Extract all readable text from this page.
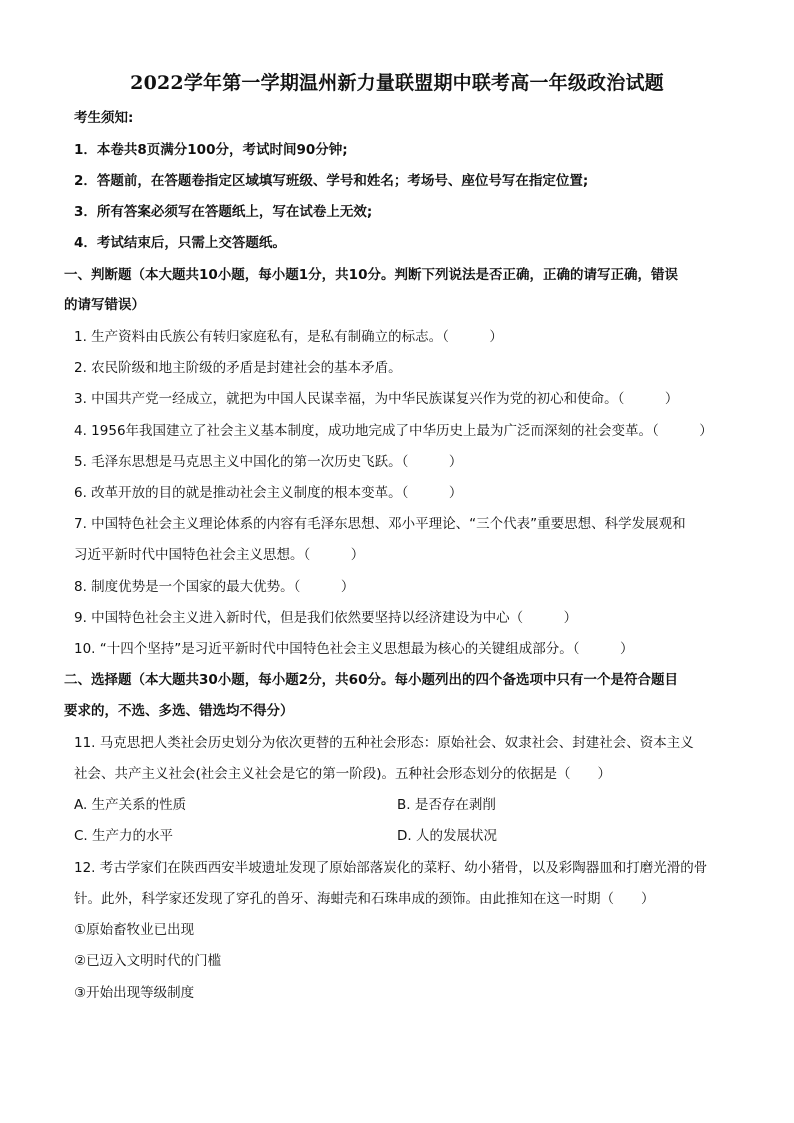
2022学年第一学期温州新力量联盟期中联考高一年级政治试题
考生须知:
1．本卷共8页满分100分，考试时间90分钟;
2．答题前，在答题卷指定区域填写班级、学号和姓名；考场号、座位号写在指定位置;
3．所有答案必须写在答题纸上，写在试卷上无效;
4．考试结束后，只需上交答题纸。
一、判断题（本大题共10小题，每小题1分，共10分。判断下列说法是否正确，正确的请写正确，错误
的请写错误）
1. 生产资料由氏族公有转归家庭私有，是私有制确立的标志。（　　　）
2. 农民阶级和地主阶级的矛盾是封建社会的基本矛盾。
3. 中国共产党一经成立，就把为中国人民谋幸福，为中华民族谋复兴作为党的初心和使命。（　　　）
4. 1956年我国建立了社会主义基本制度，成功地完成了中华历史上最为广泛而深刻的社会变革。（　　　）
5. 毛泽东思想是马克思主义中国化的第一次历史飞跃。（　　　）
6. 改革开放的目的就是推动社会主义制度的根本变革。（　　　）
7. 中国特色社会主义理论体系的内容有毛泽东思想、邓小平理论、“三个代表”重要思想、科学发展观和
习近平新时代中国特色社会主义思想。（　　　）
8. 制度优势是一个国家的最大优势。（　　　）
9. 中国特色社会主义进入新时代，但是我们依然要坚持以经济建设为中心（　　　）
10. “十四个坚持”是习近平新时代中国特色社会主义思想最为核心的关键组成部分。（　　　）
二、选择题（本大题共30小题，每小题2分，共60分。每小题列出的四个备选项中只有一个是符合题目
要求的，不选、多选、错选均不得分）
11. 马克思把人类社会历史划分为依次更替的五种社会形态：原始社会、奴隶社会、封建社会、资本主义
社会、共产主义社会(社会主义社会是它的第一阶段)。五种社会形态划分的依据是（　　）
A. 生产关系的性质	B. 是否存在剥削
C. 生产力的水平	D. 人的发展状况
12. 考古学家们在陕西西安半坡遗址发现了原始部落炭化的菜籽、幼小猪骨，以及彩陶器皿和打磨光滑的骨
针。此外，科学家还发现了穿孔的兽牙、海蚶壳和石珠串成的颈饰。由此推知在这一时期（　　）
①原始畜牧业已出现
②已迈入文明时代的门槛
③开始出现等级制度
